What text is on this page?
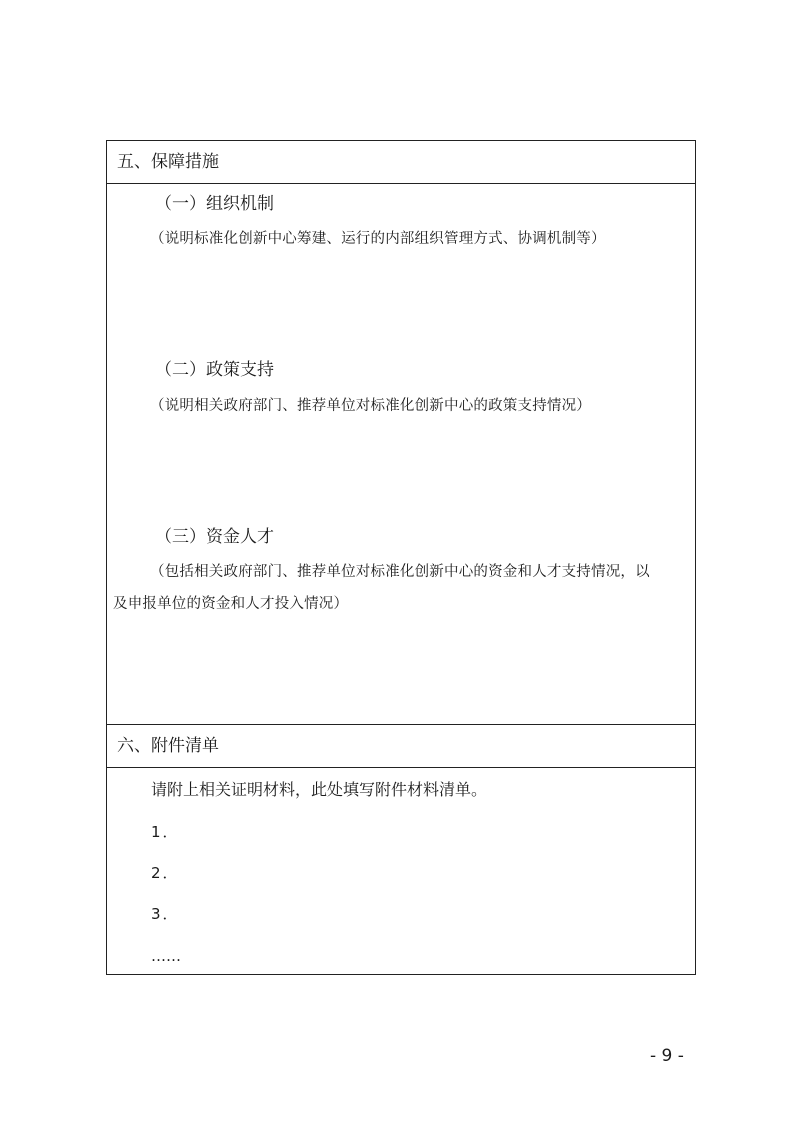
五、保障措施
（一）组织机制
（说明标准化创新中心筹建、运行的内部组织管理方式、协调机制等）
（二）政策支持
（说明相关政府部门、推荐单位对标准化创新中心的政策支持情况）
（三）资金人才
（包括相关政府部门、推荐单位对标准化创新中心的资金和人才支持情况，以
及申报单位的资金和人才投入情况）
六、附件清单
请附上相关证明材料，此处填写附件材料清单。
1．
2．
3．
……
- 9 -
